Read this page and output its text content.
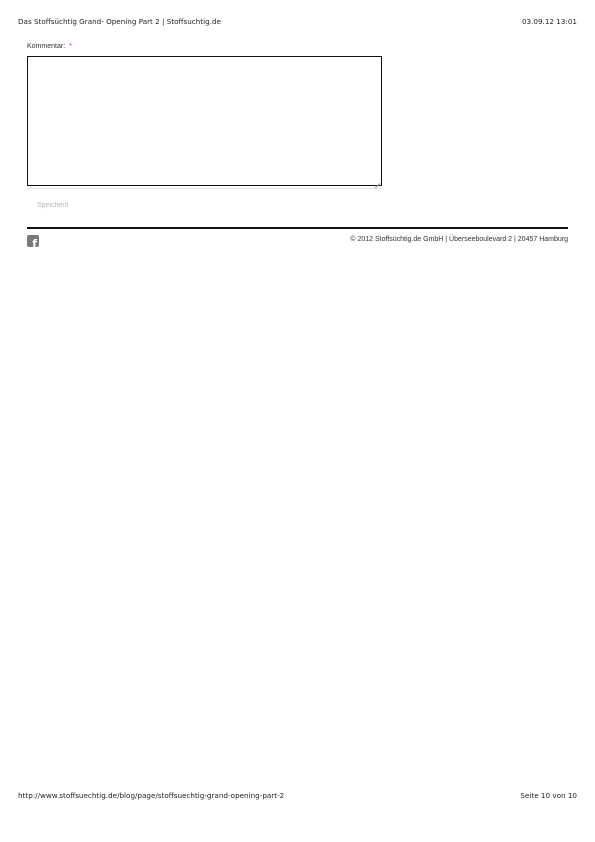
Das Stoffsüchtig Grand- Opening Part 2 | Stoffsuchtig.de	03.09.12 13:01
Kommentar: *
Speichern
f	© 2012 Stoffsüchtig.de GmbH | Überseeboulevard 2 | 20457 Hamburg
http://www.stoffsuechtig.de/blog/page/stoffsuechtig-grand-opening-part-2	Seite 10 von 10
